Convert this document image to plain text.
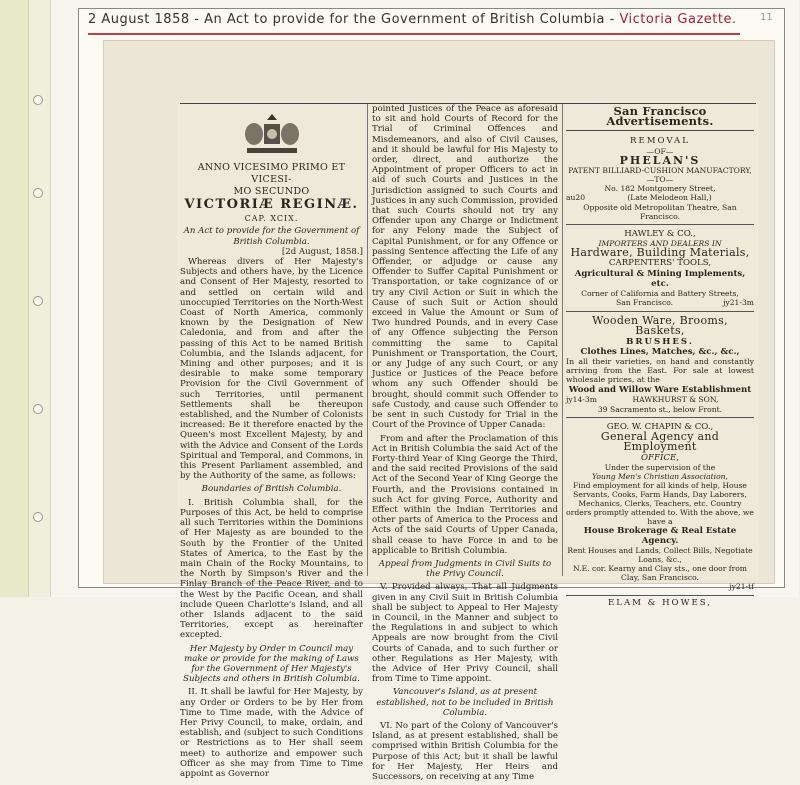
2 August 1858 - An Act to provide for the Government of British Columbia - Victoria Gazette.	11
ANNO VICESIMO PRIMO ET VICESI-
MO SECUNDO
VICTORIÆ REGINÆ.
CAP. XCIX.
An Act to provide for the Government of British Columbia.
[2d August, 1858.]

Whereas divers of Her Majesty's Subjects and others have, by the Licence and Consent of Her Majesty, resorted to and settled on certain wild and unoccupied Territories on the North-West Coast of North America, commonly known by the Designation of New Caledonia, and from and after the passing of this Act to be named British Columbia, and the Islands adjacent, for Mining and other purposes; and it is desirable to make some temporary Provision for the Civil Government of such Territories, until permanent Settlements shall be thereupon established, and the Number of Colonists increased: Be it therefore enacted by the Queen's most Excellent Majesty, by and with the Advice and Consent of the Lords Spiritual and Temporal, and Commons, in this Present Parliament assembled, and by the Authority of the same, as follows:

Boundaries of British Columbia.

I. British Columbia shall, for the Purposes of this Act, be held to comprise all such Territories within the Dominions of Her Majesty as are bounded to the South by the Frontier of the United States of America, to the East by the main Chain of the Rocky Mountains, to the North by Simpson's River and the Finlay Branch of the Peace River, and to the West by the Pacific Ocean, and shall include Queen Charlotte's Island, and all other Islands adjacent to the said Territories, except as hereinafter excepted.

Her Majesty by Order in Council may make or provide for the making of Laws for the Government of Her Majesty's Subjects and others in British Columbia.

II. It shall be lawful for Her Majesty, by any Order or Orders to be by Her from Time to Time made, with the Advice of Her Privy Council, to make, ordain, and establish, and (subject to such Conditions or Restrictions as to Her shall seem meet) to authorize and empower such Officer as she may from Time to Time appoint as Governor

pointed Justices of the Peace as aforesaid to sit and hold Courts of Record for the Trial of Criminal Offences and Misdemeanors, and also of Civil Causes, and it should be lawful for His Majesty to order, direct, and authorize the Appointment of proper Officers to act in aid of such Courts and Justices in the Jurisdiction assigned to such Courts and Justices in any such Commission, provided that such Courts should not try any Offender upon any Charge or Indictment for any Felony made the Subject of Capital Punishment, or for any Offence or passing Sentence affecting the Life of any Offender, or adjudge or cause any Offender to Suffer Capital Punishment or Transportation, or take cognizance of or try any Civil Action or Suit in which the Cause of such Suit or Action should exceed in Value the Amount or Sum of Two hundred Pounds, and in every Case of any Offence subjecting the Person committing the same to Capital Punishment or Transportation, the Court, or any Judge of any such Court, or any Justice or Justices of the Peace before whom any such Offender should be brought, should commit such Offender to safe Custody, and cause such Offender to be sent in such Custody for Trial in the Court of the Province of Upper Canada:

From and after the Proclamation of this Act in British Columbia the said Act of the Forty-third Year of King George the Third, and the said recited Provisions of the said Act of the Second Year of King George the Fourth, and the Provisions contained in such Act for giving Force, Authority and Effect within the Indian Territories and other parts of America to the Process and Acts of the said Courts of Upper Canada, shall cease to have Force in and to be applicable to British Columbia.

Appeal from Judgments in Civil Suits to the Privy Council.

V. Provided always, That all Judgments given in any Civil Suit in British Columbia shall be subject to Appeal to Her Majesty in Council, in the Manner and subject to the Regulations in and subject to which Appeals are now brought from the Civil Courts of Canada, and to such further or other Regulations as Her Majesty, with the Advice of Her Privy Council, shall from Time to Time appoint.

Vancouver's Island, as at present established, not to be included in British Columbia.

VI. No part of the Colony of Vancouver's Island, as at present established, shall be comprised within British Columbia for the Purpose of this Act; but it shall be lawful for Her Majesty, Her Heirs and Successors, on receiving at any Time

San Francisco Advertisements.
REMOVAL
—OF—
PHELAN'S
PATENT BILLIARD-CUSHION MANUFACTORY,
—TO—
No. 182 Montgomery Street,
au20	(Late Melodeon Hall,)
Opposite old Metropolitan Theatre, San Francisco.
HAWLEY & CO.,
IMPORTERS AND DEALERS IN
Hardware, Building Materials,
CARPENTERS' TOOLS,
Agricultural & Mining Implements, etc.
Corner of California and Battery Streets,
San Francisco.	jy21-3m
Wooden Ware, Brooms, Baskets,
BRUSHES.
Clothes Lines, Matches, &c., &c.,
In all their varieties, on hand and constantly arriving from the East. For sale at lowest wholesale prices, at the
Wood and Willow Ware Establishment
jy14-3m	HAWKHURST & SON,
39 Sacramento st., below Front.
GEO. W. CHAPIN & CO.,
General Agency and Employment
OFFICE,
Under the supervision of the
Young Men's Christian Association,
Find employment for all kinds of help, House Servants, Cooks, Farm Hands, Day Laborers, Mechanics, Clerks, Teachers, etc. Country orders promptly attended to. With the above, we have a
House Brokerage & Real Estate Agency.
Rent Houses and Lands, Collect Bills, Negotiate Loans, &c.,
N.E. cor. Kearny and Clay sts., one door from Clay, San Francisco.
jy21-tf
ELAM & HOWES,
